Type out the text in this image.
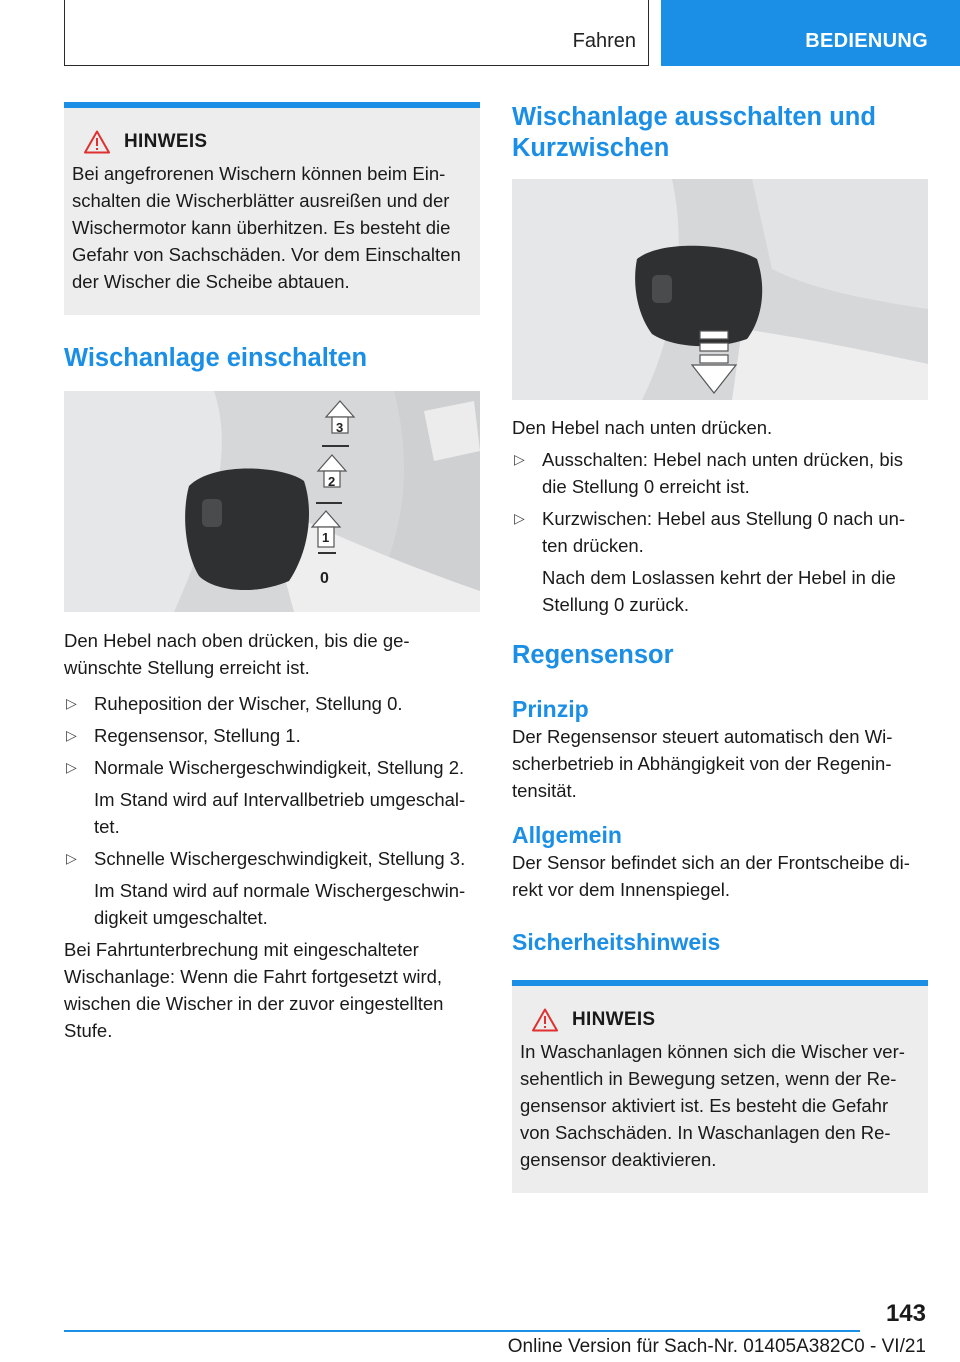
Fahren	BEDIENUNG
HINWEIS

Bei angefrorenen Wischern können beim Ein-schalten die Wischerblätter ausreißen und der Wischermotor kann überhitzen. Es besteht die Gefahr von Sachschäden. Vor dem Einschalten der Wischer die Scheibe abtauen.

Wischanlage einschalten
3
2
1
0

Den Hebel nach oben drücken, bis die ge-wünschte Stellung erreicht ist.

▷ Ruheposition der Wischer, Stellung 0.
▷ Regensensor, Stellung 1.
▷ Normale Wischergeschwindigkeit, Stellung 2.
Im Stand wird auf Intervallbetrieb umgeschal-tet.
▷ Schnelle Wischergeschwindigkeit, Stellung 3.
Im Stand wird auf normale Wischergeschwin-digkeit umgeschaltet.

Bei Fahrtunterbrechung mit eingeschalteter Wischanlage: Wenn die Fahrt fortgesetzt wird, wischen die Wischer in der zuvor eingestellten Stufe.

Wischanlage ausschalten und Kurzwischen

Den Hebel nach unten drücken.

▷ Ausschalten: Hebel nach unten drücken, bis die Stellung 0 erreicht ist.
▷ Kurzwischen: Hebel aus Stellung 0 nach un-ten drücken.
Nach dem Loslassen kehrt der Hebel in die Stellung 0 zurück.
Regensensor
Prinzip

Der Regensensor steuert automatisch den Wi-scherbetrieb in Abhängigkeit von der Regenin-tensität.

Allgemein

Der Sensor befindet sich an der Frontscheibe di-rekt vor dem Innenspiegel.

Sicherheitshinweis
HINWEIS

In Waschanlagen können sich die Wischer ver-sehentlich in Bewegung setzen, wenn der Re-gensensor aktiviert ist. Es besteht die Gefahr von Sachschäden. In Waschanlagen den Re-gensensor deaktivieren.

143
Online Version für Sach-Nr. 01405A382C0 - VI/21
